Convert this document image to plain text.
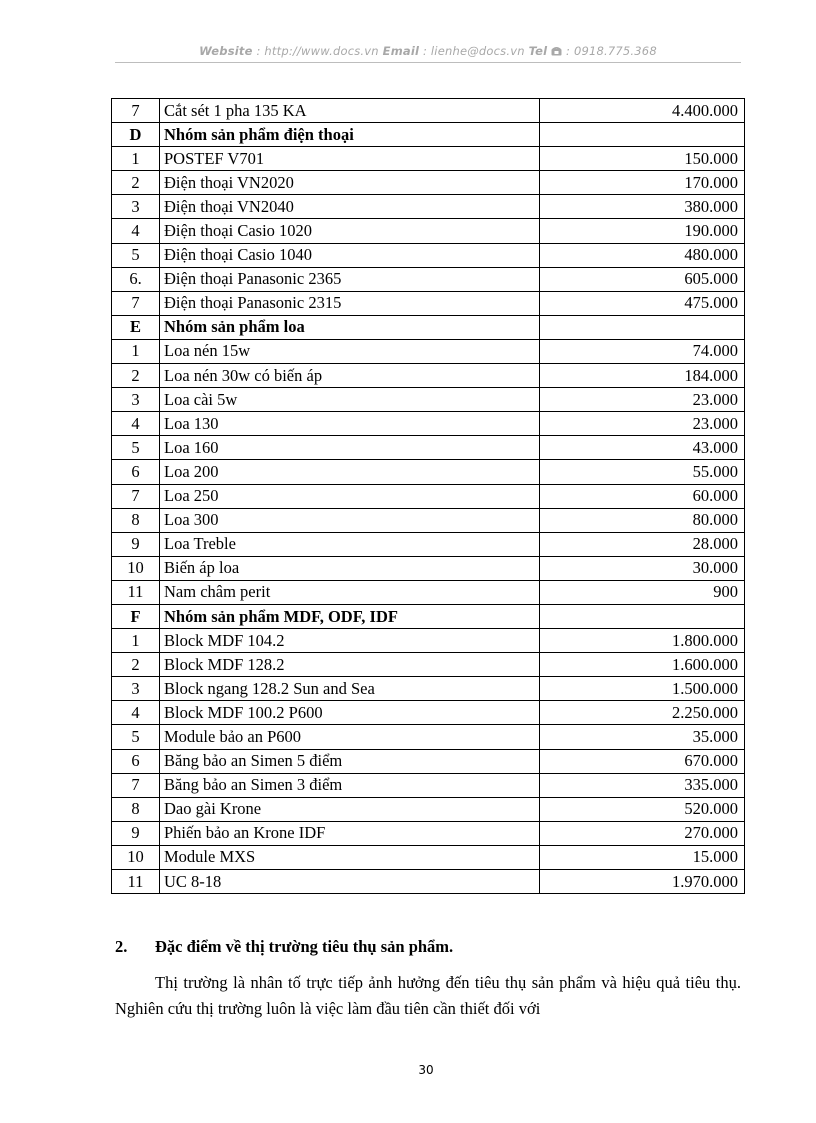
Website : http://www.docs.vn Email : lienhe@docs.vn Tel  : 0918.775.368
7	Cắt sét 1 pha 135 KA	4.400.000
D	Nhóm sản phẩm điện thoại	
1	POSTEF V701	150.000
2	Điện thoại VN2020	170.000
3	Điện thoại VN2040	380.000
4	Điện thoại Casio 1020	190.000
5	Điện thoại Casio 1040	480.000
6.	Điện thoại Panasonic 2365	605.000
7	Điện thoại Panasonic 2315	475.000
E	Nhóm sản phẩm loa	
1	Loa nén 15w	74.000
2	Loa nén 30w có biến áp	184.000
3	Loa cài 5w	23.000
4	Loa 130	23.000
5	Loa 160	43.000
6	Loa 200	55.000
7	Loa 250	60.000
8	Loa 300	80.000
9	Loa Treble	28.000
10	Biến áp loa	30.000
11	Nam châm perit	900
F	Nhóm sản phẩm MDF, ODF, IDF	
1	Block MDF 104.2	1.800.000
2	Block MDF 128.2	1.600.000
3	Block ngang 128.2 Sun and Sea	1.500.000
4	Block MDF 100.2 P600	2.250.000
5	Module bảo an P600	35.000
6	Băng bảo an Simen 5 điểm	670.000
7	Băng bảo an Simen 3 điểm	335.000
8	Dao gài Krone	520.000
9	Phiến bảo an Krone IDF	270.000
10	Module MXS	15.000
11	UC 8-18	1.970.000
2. Đặc điểm về thị trường tiêu thụ sản phẩm.

Thị trường là nhân tố trực tiếp ảnh hưởng đến tiêu thụ sản phẩm và hiệu quả tiêu thụ. Nghiên cứu thị trường luôn là việc làm đầu tiên cần thiết đối với

30
